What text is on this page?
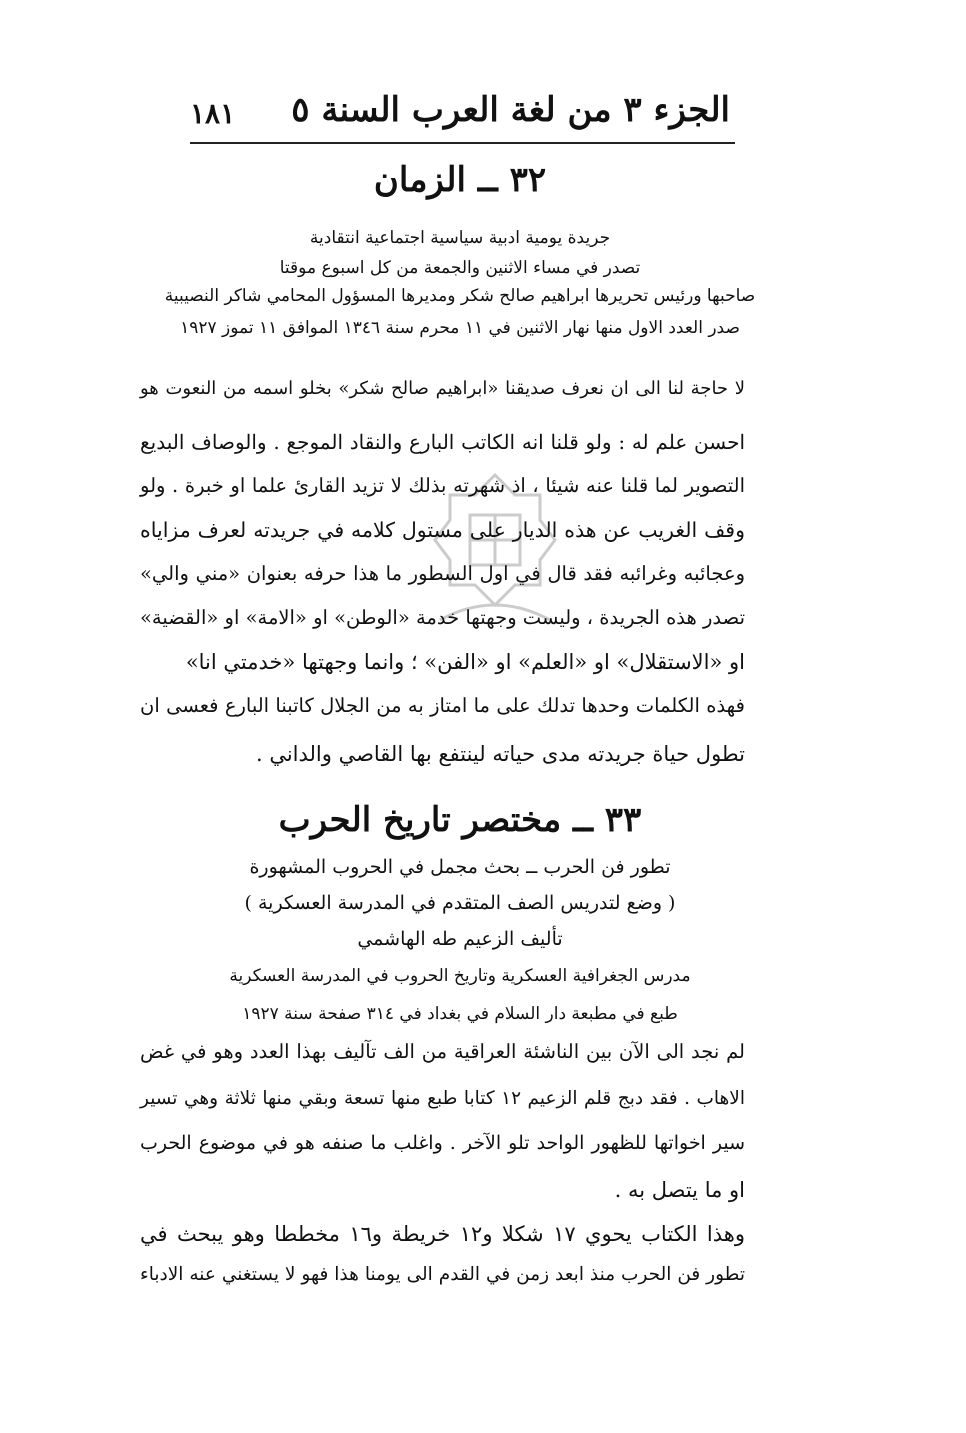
الجزء ٣ من لغة العرب السنة ٥
١٨١
٣٢ ــ الزمان
جريدة يومية ادبية سياسية اجتماعية انتقادية
تصدر في مساء الاثنين والجمعة من كل اسبوع موقتا
صاحبها ورئيس تحريرها ابراهيم صالح شكر ومديرها المسؤول المحامي شاكر النصيبية
صدر العدد الاول منها نهار الاثنين في ١١ محرم سنة ١٣٤٦ الموافق ١١ تموز ١٩٢٧
لا حاجة لنا الى ان نعرف صديقنا «ابراهيم صالح شكر» بخلو اسمه من النعوت هو
احسن علم له : ولو قلنا انه الكاتب البارع والنقاد الموجع . والوصاف البديع
التصوير لما قلنا عنه شيئا ، اذ شهرته بذلك لا تزيد القارئ علما او خبرة . ولو
وقف الغريب عن هذه الديار على مستول كلامه في جريدته لعرف مزاياه
وعجائبه وغرائبه فقد قال في اول السطور ما هذا حرفه بعنوان «مني والي»
تصدر هذه الجريدة ، وليست وجهتها خدمة «الوطن» او «الامة» او «القضية»
او «الاستقلال» او «العلم» او «الفن» ؛ وانما وجهتها «خدمتي انا»
فهذه الكلمات وحدها تدلك على ما امتاز به من الجلال كاتبنا البارع فعسى ان
تطول حياة جريدته مدى حياته لينتفع بها القاصي والداني .
٣٣ ــ مختصر تاريخ الحرب
تطور فن الحرب ــ بحث مجمل في الحروب المشهورة
( وضع لتدريس الصف المتقدم في المدرسة العسكرية )
تأليف الزعيم طه الهاشمي
مدرس الجغرافية العسكرية وتاريخ الحروب في المدرسة العسكرية
طبع في مطبعة دار السلام في بغداد في ٣١٤ صفحة سنة ١٩٢٧
لم نجد الى الآن بين الناشئة العراقية من الف تآليف بهذا العدد وهو في غض
الاهاب . فقد دبج قلم الزعيم ١٢ كتابا طبع منها تسعة وبقي منها ثلاثة وهي تسير
سير اخواتها للظهور الواحد تلو الآخر . واغلب ما صنفه هو في موضوع الحرب
او ما يتصل به .
وهذا الكتاب يحوي ١٧ شكلا و١٢ خريطة و١٦ مخططا وهو يبحث في
تطور فن الحرب منذ ابعد زمن في القدم الى يومنا هذا فهو لا يستغني عنه الادباء
